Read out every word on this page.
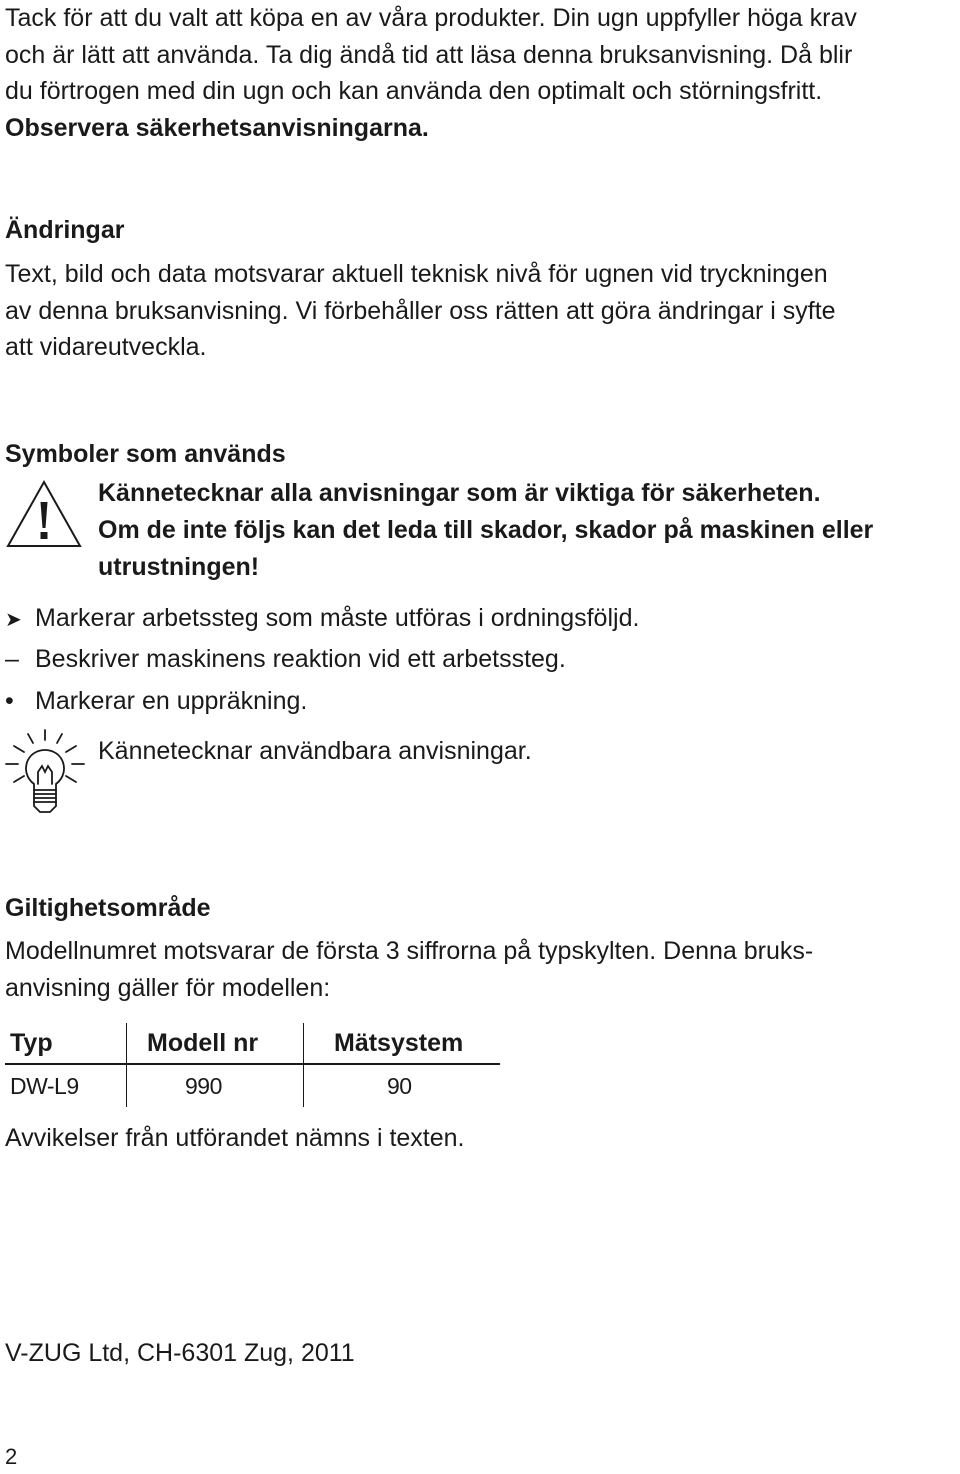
Tack för att du valt att köpa en av våra produkter. Din ugn uppfyller höga krav
och är lätt att använda. Ta dig ändå tid att läsa denna bruksanvisning. Då blir
du förtrogen med din ugn och kan använda den optimalt och störningsfritt.
Observera säkerhetsanvisningarna.

Ändringar

Text, bild och data motsvarar aktuell teknisk nivå för ugnen vid tryckningen
av denna bruksanvisning. Vi förbehåller oss rätten att göra ändringar i syfte
att vidareutveckla.

Symboler som används
Kännetecknar alla anvisningar som är viktiga för säkerheten.
Om de inte följs kan det leda till skador, skador på maskinen eller
utrustningen!
➤ Markerar arbetssteg som måste utföras i ordningsföljd.
– Beskriver maskinens reaktion vid ett arbetssteg.
• Markerar en uppräkning.
Kännetecknar användbara anvisningar.
Giltighetsområde

Modellnumret motsvarar de första 3 siffrorna på typskylten. Denna bruks-
anvisning gäller för modellen:

Typ	Modell nr	Mätsystem
DW-L9	990	90

Avvikelser från utförandet nämns i texten.

V-ZUG Ltd, CH-6301 Zug, 2011

2
